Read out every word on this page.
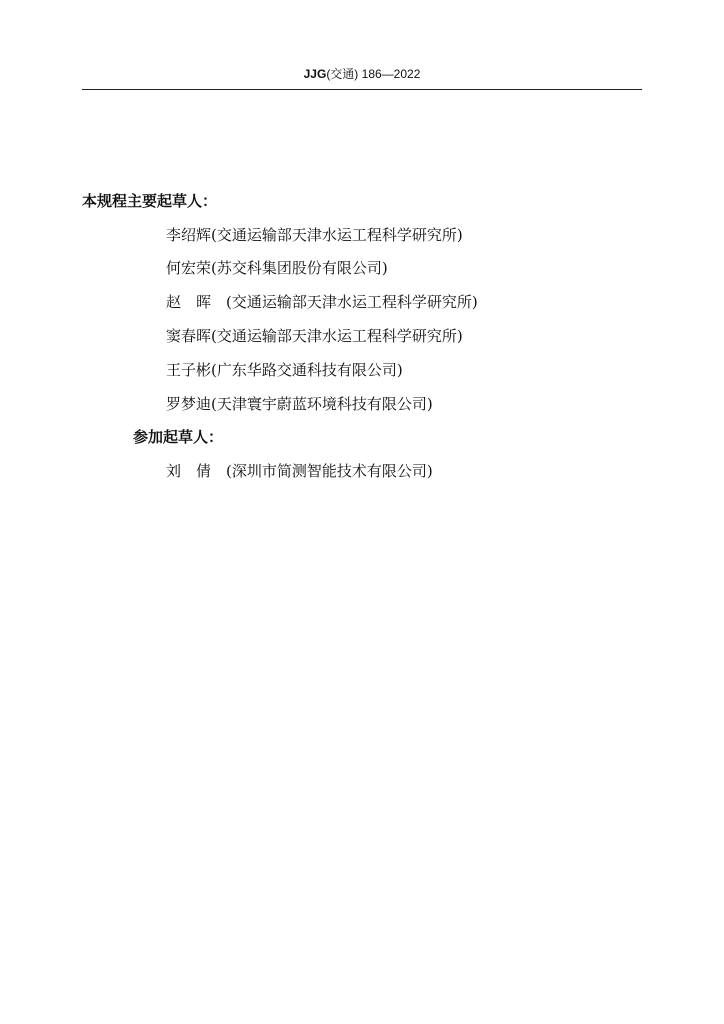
JJG(交通) 186—2022
本规程主要起草人：
李绍辉(交通运输部天津水运工程科学研究所)
何宏荣(苏交科集团股份有限公司)
赵晖(交通运输部天津水运工程科学研究所)
窦春晖(交通运输部天津水运工程科学研究所)
王子彬(广东华路交通科技有限公司)
罗梦迪(天津寰宇蔚蓝环境科技有限公司)
参加起草人：
刘倩(深圳市简测智能技术有限公司)
